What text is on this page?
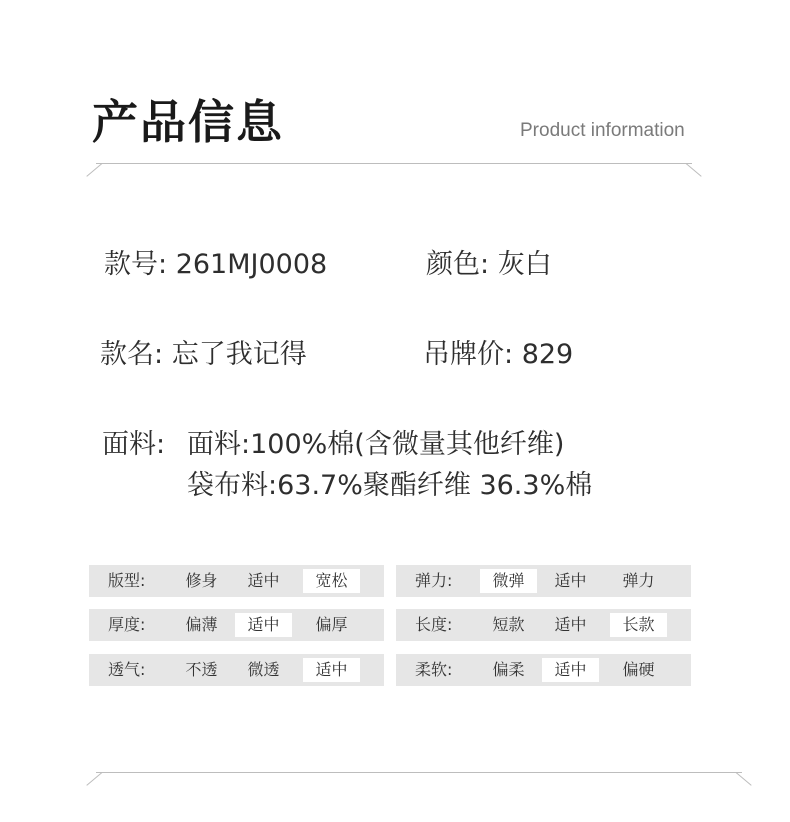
产品信息	Product information
款号: 261MJ0008	颜色: 灰白
款名: 忘了我记得	吊牌价: 829
面料: 面料:100%棉(含微量其他纤维)
袋布料:63.7%聚酯纤维 36.3%棉
版型:	修身	适中	宽松	弹力:	微弹	适中	弹力
厚度:	偏薄	适中	偏厚	长度:	短款	适中	长款
透气:	不透	微透	适中	柔软:	偏柔	适中	偏硬
